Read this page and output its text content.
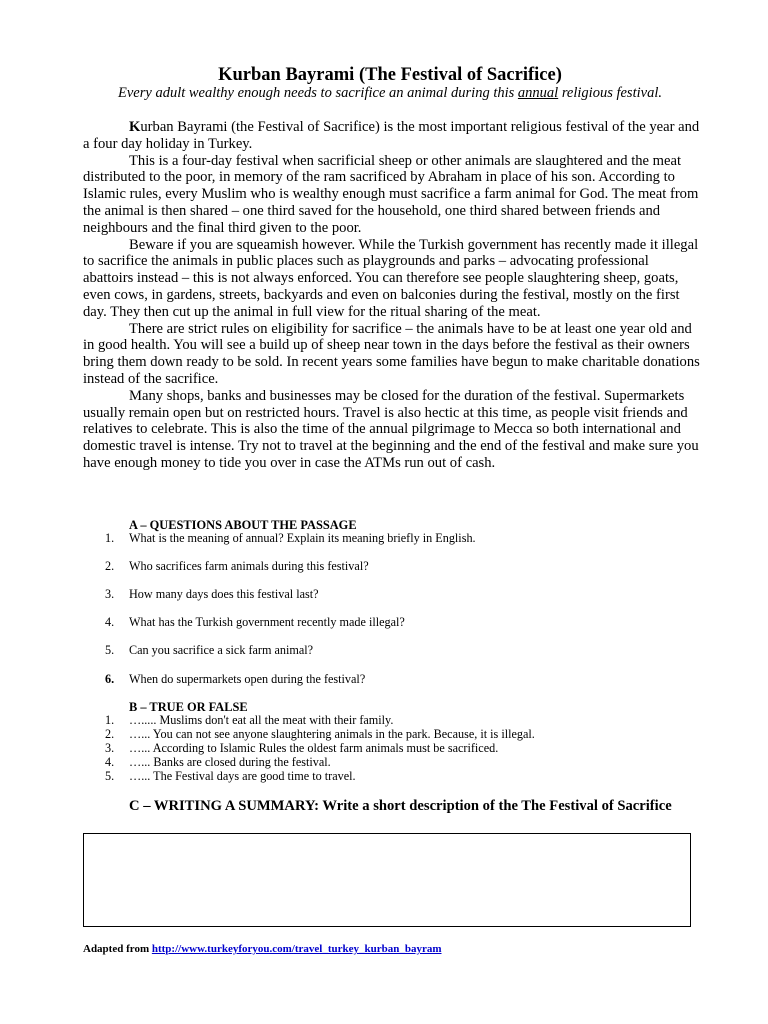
Kurban Bayrami (The Festival of Sacrifice)
Every adult wealthy enough needs to sacrifice an animal during this annual religious festival.

Kurban Bayrami (the Festival of Sacrifice) is the most important religious festival of the year and a four day holiday in Turkey.

This is a four-day festival when sacrificial sheep or other animals are slaughtered and the meat distributed to the poor, in memory of the ram sacrificed by Abraham in place of his son. According to Islamic rules, every Muslim who is wealthy enough must sacrifice a farm animal for God. The meat from the animal is then shared – one third saved for the household, one third shared between friends and neighbours and the final third given to the poor.

Beware if you are squeamish however. While the Turkish government has recently made it illegal to sacrifice the animals in public places such as playgrounds and parks – advocating professional abattoirs instead – this is not always enforced. You can therefore see people slaughtering sheep, goats, even cows, in gardens, streets, backyards and even on balconies during the festival, mostly on the first day. They then cut up the animal in full view for the ritual sharing of the meat.

There are strict rules on eligibility for sacrifice – the animals have to be at least one year old and in good health. You will see a build up of sheep near town in the days before the festival as their owners bring them down ready to be sold. In recent years some families have begun to make charitable donations instead of the sacrifice.

Many shops, banks and businesses may be closed for the duration of the festival. Supermarkets usually remain open but on restricted hours. Travel is also hectic at this time, as people visit friends and relatives to celebrate. This is also the time of the annual pilgrimage to Mecca so both international and domestic travel is intense. Try not to travel at the beginning and the end of the festival and make sure you have enough money to tide you over in case the ATMs run out of cash.

A – QUESTIONS ABOUT THE PASSAGE
1. What is the meaning of annual? Explain its meaning briefly in English.
2. Who sacrifices farm animals during this festival?
3. How many days does this festival last?
4. What has the Turkish government recently made illegal?
5. Can you sacrifice a sick farm animal?
6. When do supermarkets open during the festival?
B – TRUE OR FALSE
1. …..... Muslims don't eat all the meat with their family.
2. …... You can not see anyone slaughtering animals in the park. Because, it is illegal.
3. …... According to Islamic Rules the oldest farm animals must be sacrificed.
4. …... Banks are closed during the festival.
5. …... The Festival days are good time to travel.
C – WRITING A SUMMARY: Write a short description of the The Festival of Sacrifice
Adapted from http://www.turkeyforyou.com/travel_turkey_kurban_bayram
